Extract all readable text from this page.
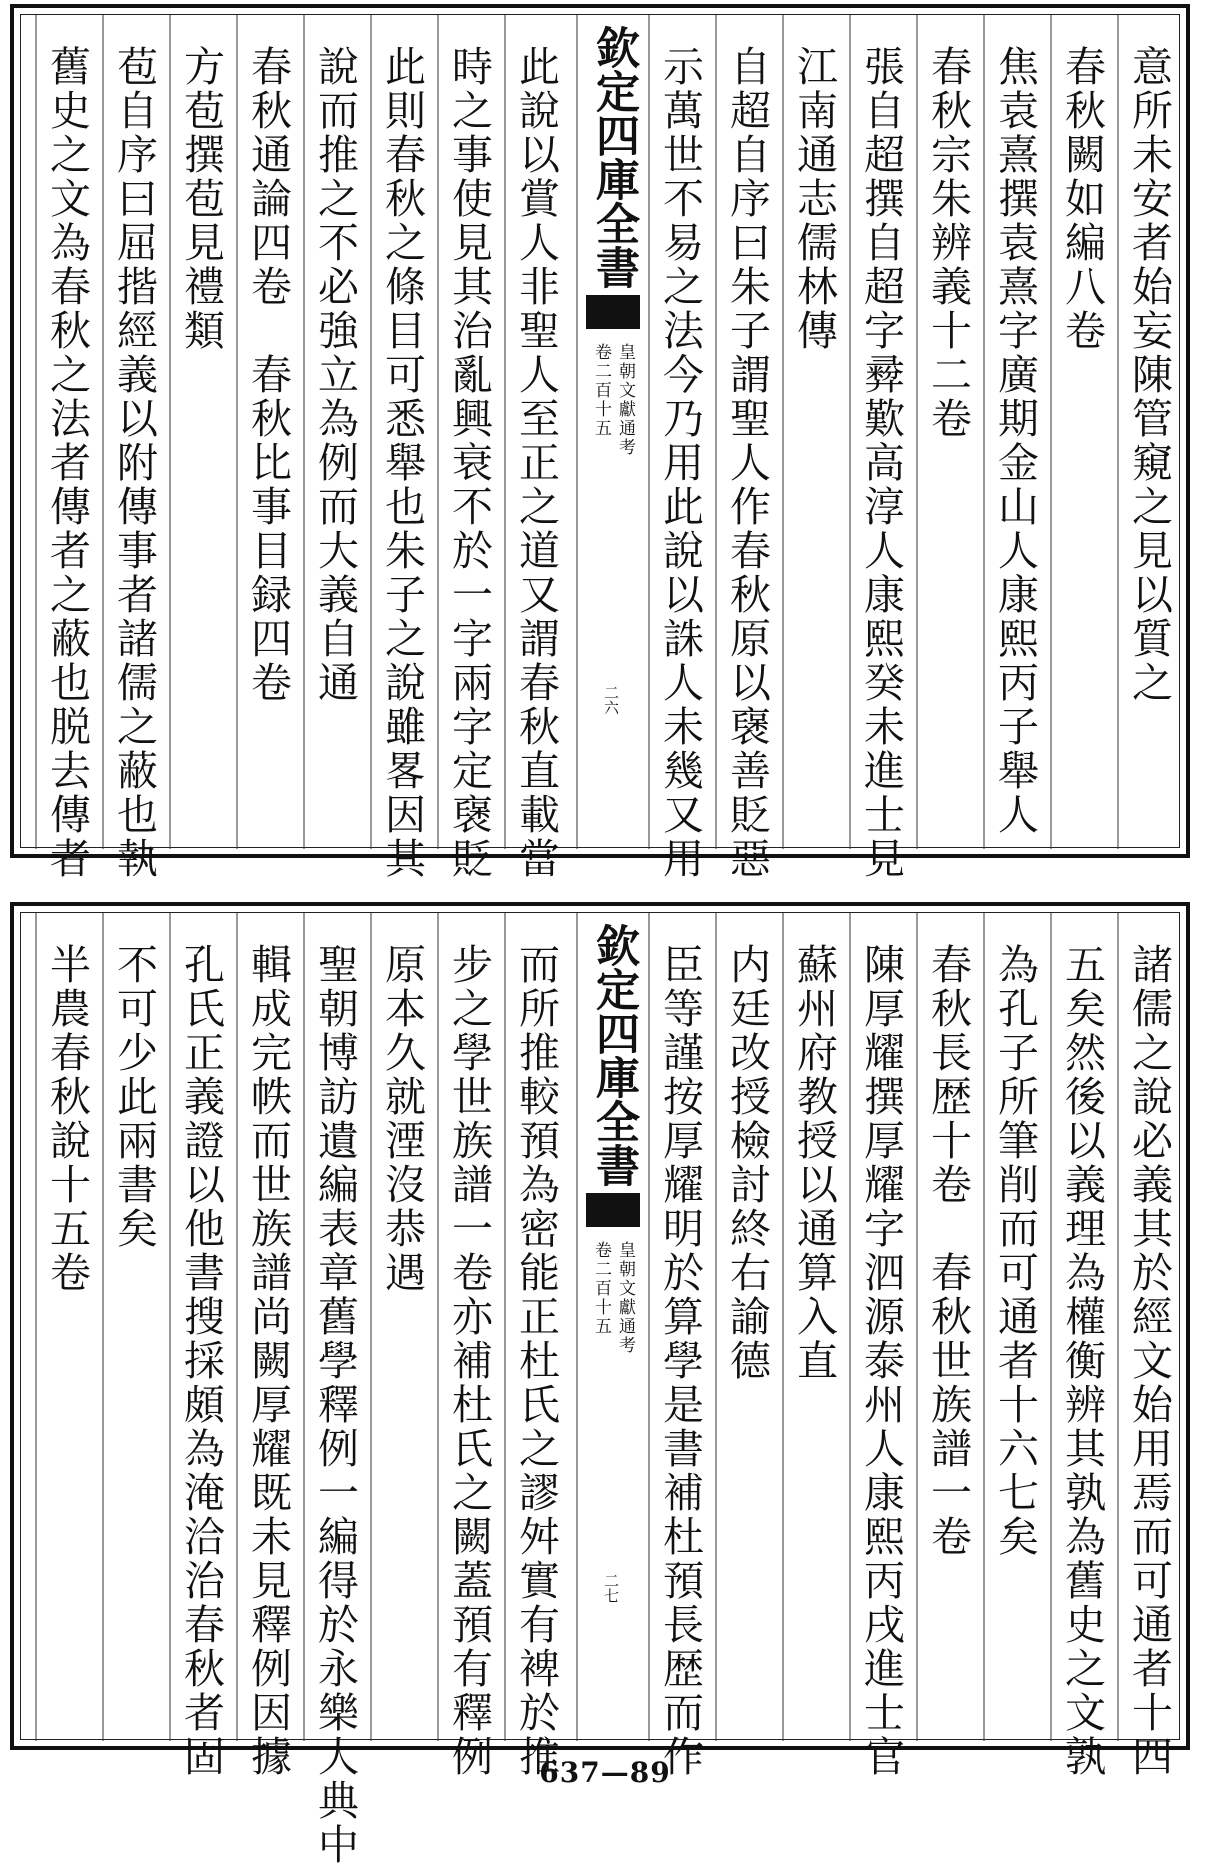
意所未安者始妄陳管窺之見以質之
春秋闕如編八卷
焦袁熹撰袁熹字廣期金山人康熙丙子舉人
春秋宗朱辨義十二卷
張自超撰自超字彛歎高淳人康熙癸未進士見
江南通志儒林傳
自超自序曰朱子謂聖人作春秋原以襃善貶惡
示萬世不易之法今乃用此說以誅人未幾又用
欽定四庫全書
皇朝文獻通考
卷二百十五
二六
此說以賞人非聖人至正之道又謂春秋直載當
時之事使見其治亂興衰不於一字兩字定襃貶
此則春秋之條目可悉舉也朱子之說雖畧因其
說而推之不必強立為例而大義自通
春秋通論四卷　春秋比事目録四卷
方苞撰苞見禮類
苞自序曰屈揩經義以附傳事者諸儒之蔽也執
舊史之文為春秋之法者傳者之蔽也脱去傳者
諸儒之說必義其於經文始用焉而可通者十四
五矣然後以義理為權衡辨其孰為舊史之文孰
為孔子所筆削而可通者十六七矣
春秋長歴十卷　春秋世族譜一卷
陳厚耀撰厚耀字泗源泰州人康熙丙戌進士官
蘇州府教授以通算入直
内廷改授檢討終右諭德
臣等謹按厚耀明於算學是書補杜預長歴而作
欽定四庫全書
皇朝文獻通考
卷二百十五
二七
而所推較預為密能正杜氏之謬舛實有裨於推
步之學世族譜一卷亦補杜氏之闕蓋預有釋例
原本久就湮沒恭遇
聖朝博訪遺編表章舊學釋例一編得於永樂大典中
輯成完帙而世族譜尚闕厚耀既未見釋例因據
孔氏正義證以他書搜採頗為淹洽治春秋者固
不可少此兩書矣
半農春秋說十五卷
637—89
